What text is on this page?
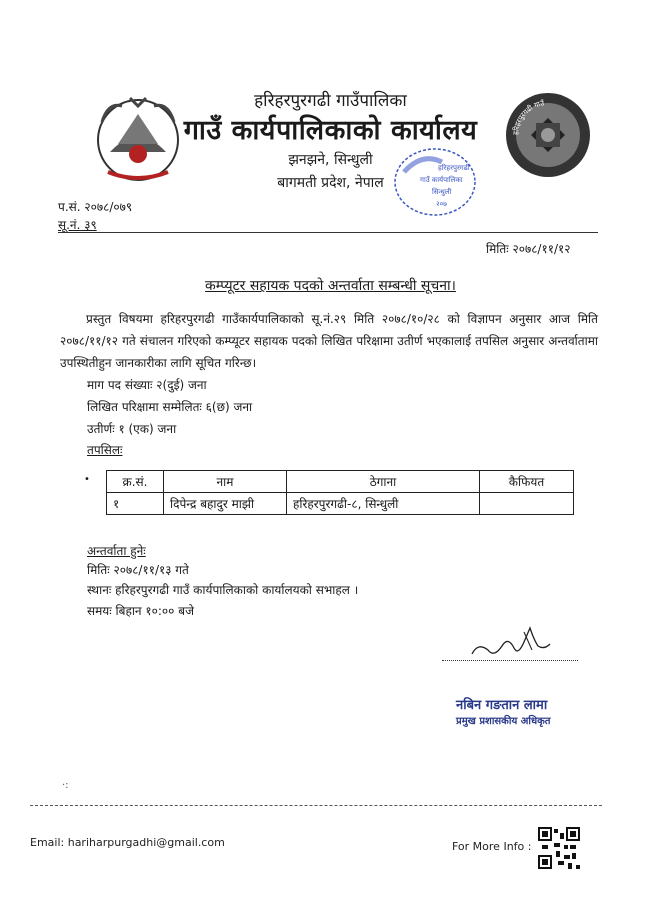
हरिहरपुरगढी गाउँपालिका
गाउँ कार्यपालिकाको कार्यालय
झनझने, सिन्धुली
बागमती प्रदेश, नेपाल
हरिहरपुरगढी गाउँ
हरिहरपुरगढी
गाउँ कार्यपालिका
सिन्धुली
२०७
प.सं. २०७८/०७९
सू.नं. ३९
मितिः २०७८/११/१२
कम्प्यूटर सहायक पदको अन्तर्वाता सम्बन्धी सूचना।
प्रस्तुत विषयमा हरिहरपुरगढी गाउँकार्यपालिकाको सू.नं.२९ मिति २०७८/१०/२८ को विज्ञापन अनुसार आज मिति २०७८/११/१२ गते संचालन गरिएको कम्प्यूटर सहायक पदको लिखित परिक्षामा उतीर्ण भएकालाई तपसिल अनुसार अन्तर्वातामा उपस्थितीहुन जानकारीका लागि सूचित गरिन्छ।
माग पद संख्याः २(दुई) जना
लिखित परिक्षामा सम्मेलितः ६(छ) जना
उतीर्णः १ (एक) जना
तपसिलः
•	क्र.सं.	नाम	ठेगाना	कैफियत
१	दिपेन्द्र बहादुर माझी	हरिहरपुरगढी-८, सिन्धुली	
अन्तर्वाता हुनेः
मितिः २०७८/११/१३ गते
स्थानः हरिहरपुरगढी गाउँ कार्यपालिकाको कार्यालयको सभाहल ।
समयः बिहान १०:०० बजे
नबिन गङतान लामा
प्रमुख प्रशासकीय अधिकृत
·:
Email: hariharpurgadhi@gmail.com	For More Info :
